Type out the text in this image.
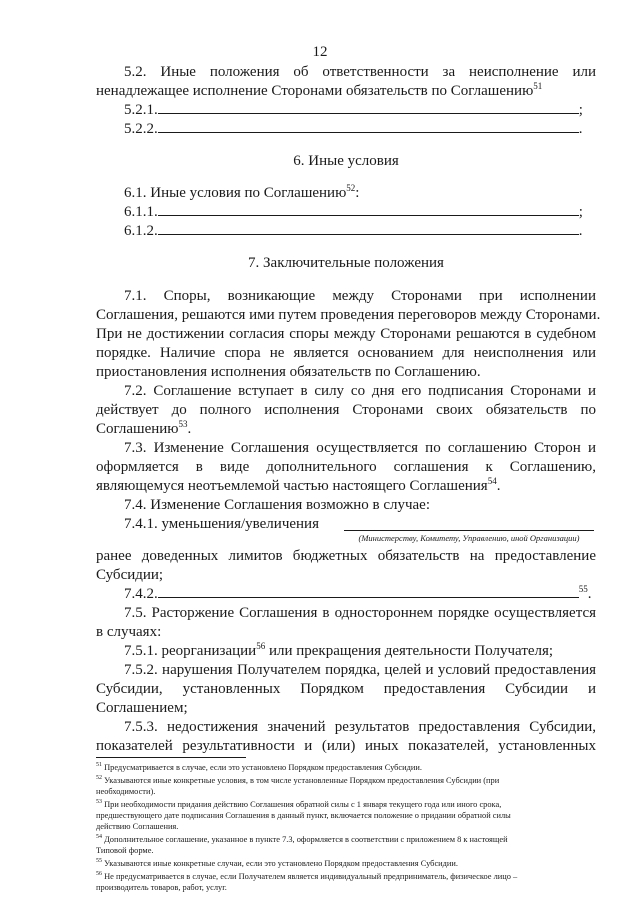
12
5.2. Иные положения об ответственности за неисполнение или
ненадлежащее исполнение Сторонами обязательств по Соглашению$^{51}$
5.2.1.	;
5.2.2.	.
6. Иные условия
6.1. Иные условия по Соглашению$^{52}$:
6.1.1.	;
6.1.2.	.
7. Заключительные положения
7.1. Споры, возникающие между Сторонами при исполнении
Соглашения, решаются ими путем проведения переговоров между Сторонами.
При не достижении согласия споры между Сторонами решаются в судебном
порядке. Наличие спора не является основанием для неисполнения или
приостановления исполнения обязательств по Соглашению.
7.2. Соглашение вступает в силу со дня его подписания Сторонами и
действует до полного исполнения Сторонами своих обязательств по
Соглашению$^{53}$.
7.3. Изменение Соглашения осуществляется по соглашению Сторон и
оформляется в виде дополнительного соглашения к Соглашению,
являющемуся неотъемлемой частью настоящего Соглашения$^{54}$.
7.4. Изменение Соглашения возможно в случае:
7.4.1. уменьшения/увеличения
(Министерству, Комитету, Управлению, иной Организации)
ранее доведенных лимитов бюджетных обязательств на предоставление
Субсидии;
7.4.2.	$^{55}$.
7.5. Расторжение Соглашения в одностороннем порядке осуществляется
в случаях:
7.5.1. реорганизации$^{56}$ или прекращения деятельности Получателя;
7.5.2. нарушения Получателем порядка, целей и условий предоставления
Субсидии, установленных Порядком предоставления Субсидии и
Соглашением;
7.5.3. недостижения значений результатов предоставления Субсидии,
показателей результативности и (или) иных показателей, установленных
$^{51}$ Предусматривается в случае, если это установлено Порядком предоставления Субсидии.
$^{52}$ Указываются иные конкретные условия, в том числе установленные Порядком предоставления Субсидии (при
необходимости).
$^{53}$ При необходимости придания действию Соглашения обратной силы с 1 января текущего года или иного срока,
предшествующего дате подписания Соглашения в данный пункт, включается положение о придании обратной силы
действию Соглашения.
$^{54}$ Дополнительное соглашение, указанное в пункте 7.3, оформляется в соответствии с приложением 8 к настоящей
Типовой форме.
$^{55}$ Указываются иные конкретные случаи, если это установлено Порядком предоставления Субсидии.
$^{56}$ Не предусматривается в случае, если Получателем является индивидуальный предприниматель, физическое лицо –
производитель товаров, работ, услуг.
